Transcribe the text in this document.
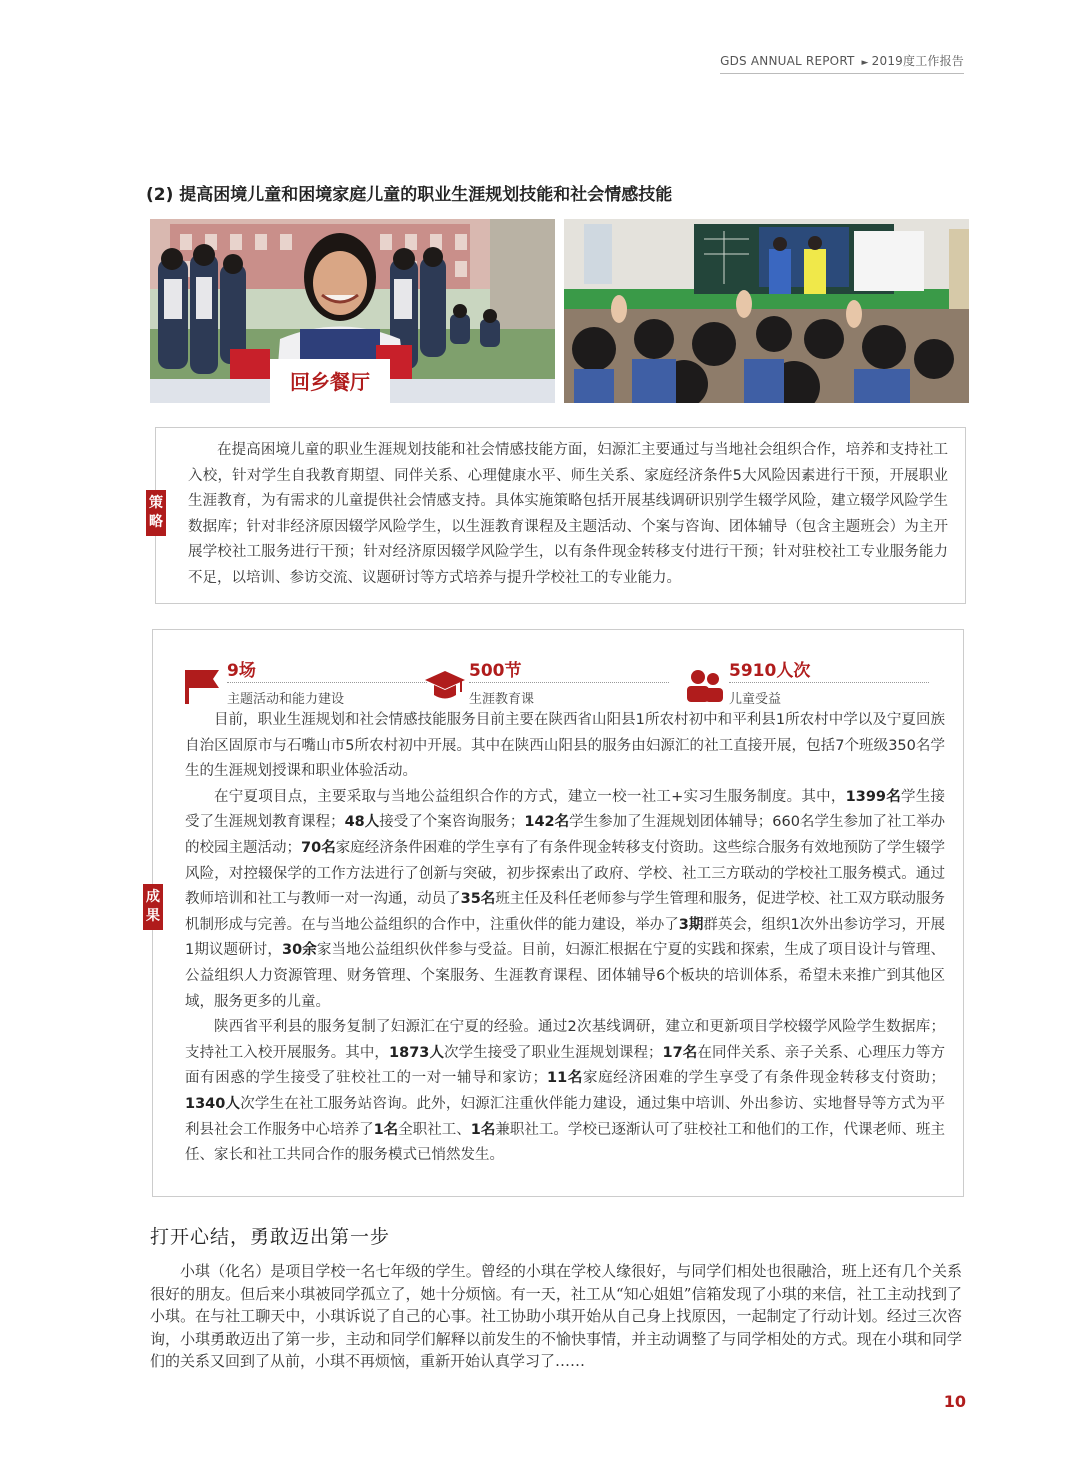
GDS ANNUAL REPORT ► 2019度工作报告
(2) 提高困境儿童和困境家庭儿童的职业生涯规划技能和社会情感技能
回乡餐厅
策略

在提高困境儿童的职业生涯规划技能和社会情感技能方面，妇源汇主要通过与当地社会组织合作，培养和支持社工入校，针对学生自我教育期望、同伴关系、心理健康水平、师生关系、家庭经济条件5大风险因素进行干预，开展职业生涯教育，为有需求的儿童提供社会情感支持。具体实施策略包括开展基线调研识别学生辍学风险，建立辍学风险学生数据库；针对非经济原因辍学风险学生，以生涯教育课程及主题活动、个案与咨询、团体辅导（包含主题班会）为主开展学校社工服务进行干预；针对经济原因辍学风险学生，以有条件现金转移支付进行干预；针对驻校社工专业服务能力不足，以培训、参访交流、议题研讨等方式培养与提升学校社工的专业能力。

成果
9场
主题活动和能力建设
500节
生涯教育课
5910人次
儿童受益

目前，职业生涯规划和社会情感技能服务目前主要在陕西省山阳县1所农村初中和平利县1所农村中学以及宁夏回族自治区固原市与石嘴山市5所农村初中开展。其中在陕西山阳县的服务由妇源汇的社工直接开展，包括7个班级350名学生的生涯规划授课和职业体验活动。

在宁夏项目点，主要采取与当地公益组织合作的方式，建立一校一社工+实习生服务制度。其中，1399名学生接受了生涯规划教育课程；48人接受了个案咨询服务；142名学生参加了生涯规划团体辅导；660名学生参加了社工举办的校园主题活动；70名家庭经济条件困难的学生享有了有条件现金转移支付资助。这些综合服务有效地预防了学生辍学风险，对控辍保学的工作方法进行了创新与突破，初步探索出了政府、学校、社工三方联动的学校社工服务模式。通过教师培训和社工与教师一对一沟通，动员了35名班主任及科任老师参与学生管理和服务，促进学校、社工双方联动服务机制形成与完善。在与当地公益组织的合作中，注重伙伴的能力建设，举办了3期群英会，组织1次外出参访学习，开展1期议题研讨，30余家当地公益组织伙伴参与受益。目前，妇源汇根据在宁夏的实践和探索，生成了项目设计与管理、公益组织人力资源管理、财务管理、个案服务、生涯教育课程、团体辅导6个板块的培训体系，希望未来推广到其他区域，服务更多的儿童。

陕西省平利县的服务复制了妇源汇在宁夏的经验。通过2次基线调研，建立和更新项目学校辍学风险学生数据库；支持社工入校开展服务。其中，1873人次学生接受了职业生涯规划课程；17名在同伴关系、亲子关系、心理压力等方面有困惑的学生接受了驻校社工的一对一辅导和家访；11名家庭经济困难的学生享受了有条件现金转移支付资助；1340人次学生在社工服务站咨询。此外，妇源汇注重伙伴能力建设，通过集中培训、外出参访、实地督导等方式为平利县社会工作服务中心培养了1名全职社工、1名兼职社工。学校已逐渐认可了驻校社工和他们的工作，代课老师、班主任、家长和社工共同合作的服务模式已悄然发生。

打开心结，勇敢迈出第一步

小琪（化名）是项目学校一名七年级的学生。曾经的小琪在学校人缘很好，与同学们相处也很融洽，班上还有几个关系很好的朋友。但后来小琪被同学孤立了，她十分烦恼。有一天，社工从“知心姐姐”信箱发现了小琪的来信，社工主动找到了小琪。在与社工聊天中，小琪诉说了自己的心事。社工协助小琪开始从自己身上找原因，一起制定了行动计划。经过三次咨询，小琪勇敢迈出了第一步，主动和同学们解释以前发生的不愉快事情，并主动调整了与同学相处的方式。现在小琪和同学们的关系又回到了从前，小琪不再烦恼，重新开始认真学习了……

10
